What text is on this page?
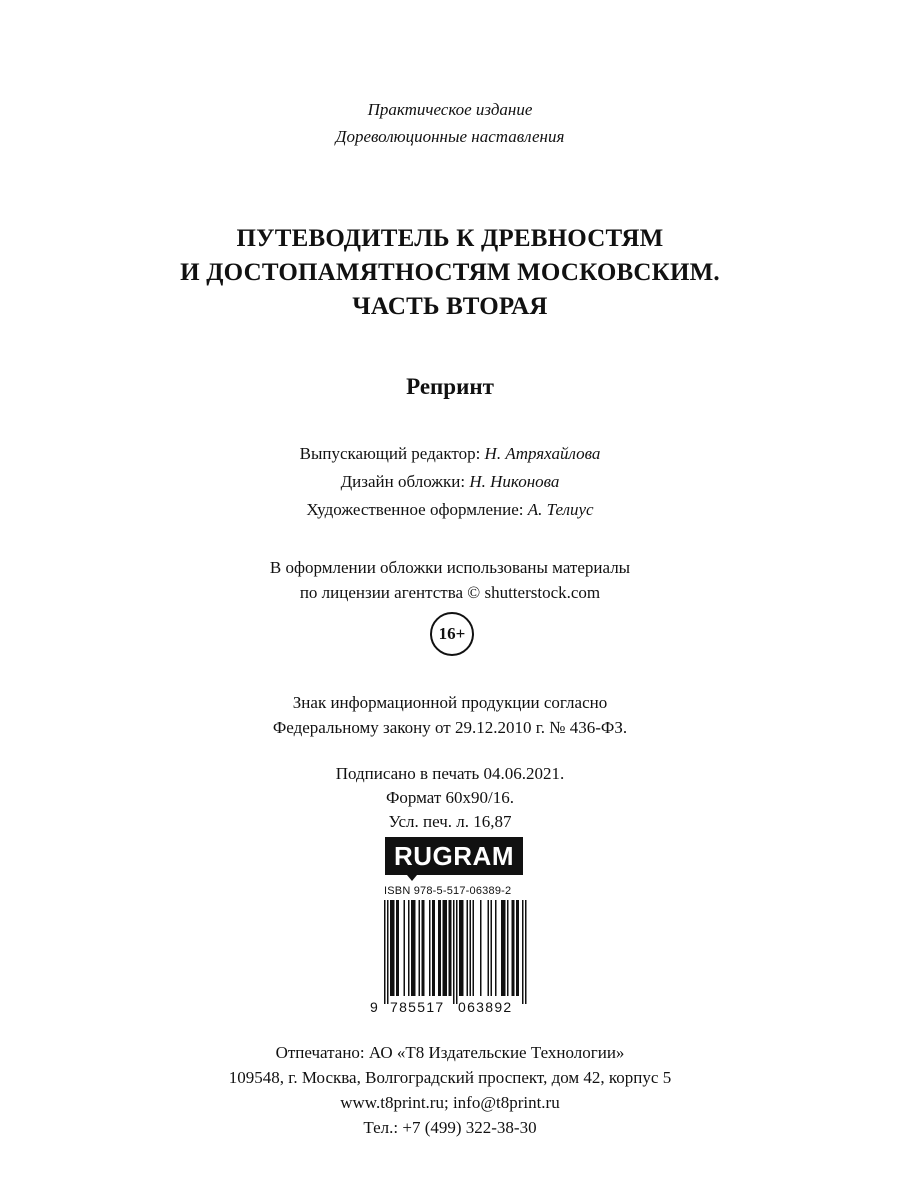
Практическое издание
Дореволюционные наставления
ПУТЕВОДИТЕЛЬ К ДРЕВНОСТЯМ
И ДОСТОПАМЯТНОСТЯМ МОСКОВСКИМ.
ЧАСТЬ ВТОРАЯ
Репринт
Выпускающий редактор: Н. Атряхайлова
Дизайн обложки: Н. Никонова
Художественное оформление: А. Телиус
В оформлении обложки использованы материалы
по лицензии агентства © shutterstock.com
16+
Знак информационной продукции согласно
Федеральному закону от 29.12.2010 г. № 436-ФЗ.
Подписано в печать 04.06.2021.
Формат 60x90/16.
Усл. печ. л. 16,87
RUGRAM
ISBN 978-5-517-06389-2
9 785517 063892
Отпечатано: АО «Т8 Издательские Технологии»
109548, г. Москва, Волгоградский проспект, дом 42, корпус 5
www.t8print.ru; info@t8print.ru
Тел.: +7 (499) 322-38-30
